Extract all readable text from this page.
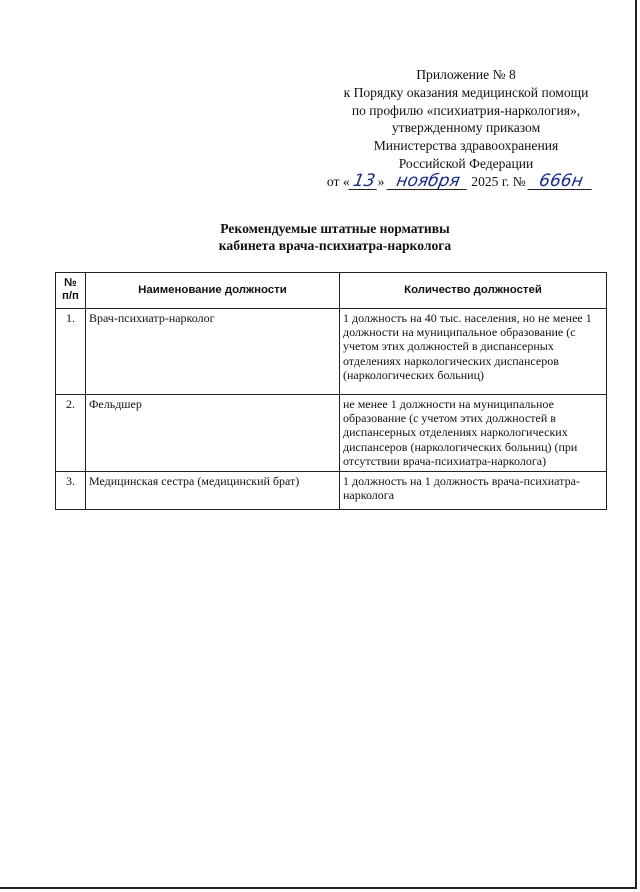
Приложение № 8
к Порядку оказания медицинской помощи
по профилю «психиатрия-наркология»,
утвержденному приказом
Министерства здравоохранения
Российской Федерации
от «13» ноября 2025 г. № 666н
Рекомендуемые штатные нормативы
кабинета врача-психиатра-нарколога
№
п/п	Наименование должности	Количество должностей
1.	Врач-психиатр-нарколог	1 должность на 40 тыс. населения, но не менее 1 должности на муниципальное образование (с учетом этих должностей в диспансерных отделениях наркологических диспансеров (наркологических больниц)
2.	Фельдшер	не менее 1 должности на муниципальное образование (с учетом этих должностей в диспансерных отделениях наркологических диспансеров (наркологических больниц) (при отсутствии врача-психиатра-нарколога)
3.	Медицинская сестра (медицинский брат)	1 должность на 1 должность врача-психиатра-нарколога
